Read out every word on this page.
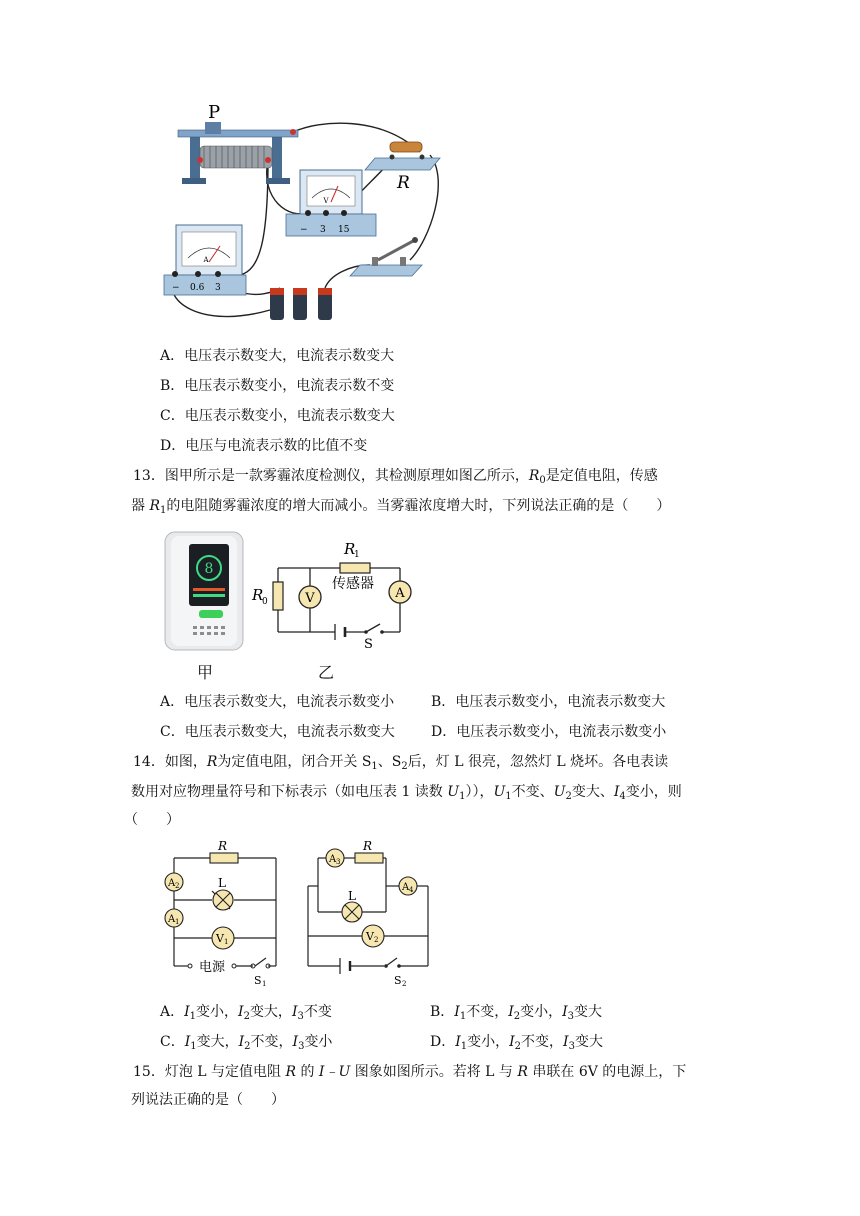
P
R
V
− 3 15
A
− 0.6 3
A．电压表示数变大，电流表示数变大
B．电压表示数变小，电流表示数不变
C．电压表示数变小，电流表示数变大
D．电压与电流表示数的比值不变
13．图甲所示是一款雾霾浓度检测仪，其检测原理如图乙所示，$R_0$是定值电阻，传感
器 $R_1$的电阻随雾霾浓度的增大而减小。当雾霾浓度增大时，下列说法正确的是（　　）
8
甲
R
1
传感器
R
0	V	A
S
乙
A．电压表示数变大，电流表示数变小	B．电压表示数变小，电流表示数变大
C．电压表示数变大，电流表示数变大	D．电压表示数变小，电流表示数变小
14．如图，R为定值电阻，闭合开关 $S_1$、$S_2$后，灯 L 很亮，忽然灯 L 烧坏。各电表读
数用对应物理量符号和下标表示（如电压表 1 读数 $U_1$）），$U_1$不变、$U_2$变大、$I_4$变小，则
（　　）
R
L
A 2
A 1
V 1
电源
S 1
R
L
A 3
A 4
V 2
S 2
A．$I_1$变小，$I_2$变大，$I_3$不变	B．$I_1$不变，$I_2$变小，$I_3$变大
C．$I_1$变大，$I_2$不变，$I_3$变小	D．$I_1$变小，$I_2$不变，$I_3$变大
15．灯泡 L 与定值电阻 R 的 I﹣U 图象如图所示。若将 L 与 R 串联在 6V 的电源上，下
列说法正确的是（　　）
